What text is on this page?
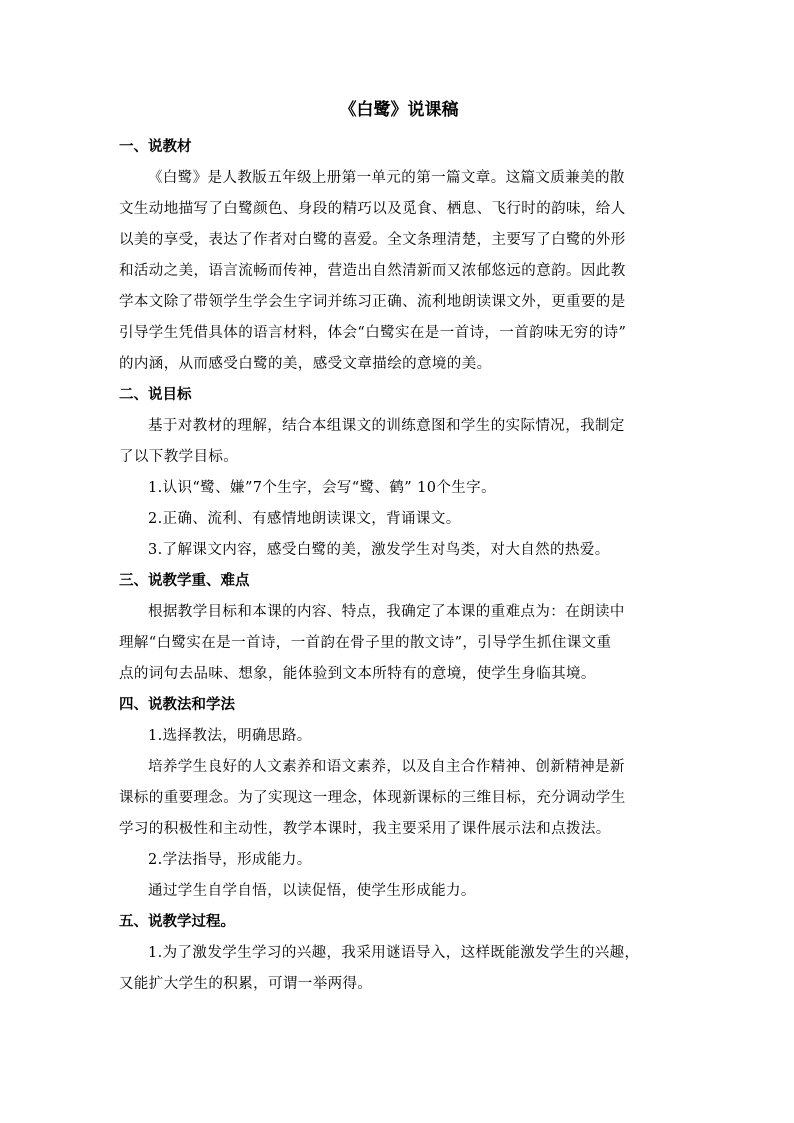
《白鹭》说课稿
一、说教材
《白鹭》是人教版五年级上册第一单元的第一篇文章。这篇文质兼美的散
文生动地描写了白鹭颜色、身段的精巧以及觅食、栖息、飞行时的韵味，给人
以美的享受，表达了作者对白鹭的喜爱。全文条理清楚，主要写了白鹭的外形
和活动之美，语言流畅而传神，营造出自然清新而又浓郁悠远的意韵。因此教
学本文除了带领学生学会生字词并练习正确、流利地朗读课文外，更重要的是
引导学生凭借具体的语言材料，体会“白鹭实在是一首诗，一首韵味无穷的诗”
的内涵，从而感受白鹭的美，感受文章描绘的意境的美。
二、说目标
基于对教材的理解，结合本组课文的训练意图和学生的实际情况，我制定
了以下教学目标。
1.认识“鹭、嫌”7个生字，会写“鹭、鹤” 10个生字。
2.正确、流利、有感情地朗读课文，背诵课文。
3.了解课文内容，感受白鹭的美，激发学生对鸟类，对大自然的热爱。
三、说教学重、难点
根据教学目标和本课的内容、特点，我确定了本课的重难点为：在朗读中
理解“白鹭实在是一首诗，一首韵在骨子里的散文诗”，引导学生抓住课文重
点的词句去品味、想象，能体验到文本所特有的意境，使学生身临其境。
四、说教法和学法
1.选择教法，明确思路。
培养学生良好的人文素养和语文素养，以及自主合作精神、创新精神是新
课标的重要理念。为了实现这一理念，体现新课标的三维目标，充分调动学生
学习的积极性和主动性，教学本课时，我主要采用了课件展示法和点拨法。
2.学法指导，形成能力。
通过学生自学自悟，以读促悟，使学生形成能力。
五、说教学过程。
1.为了激发学生学习的兴趣，我采用谜语导入，这样既能激发学生的兴趣，
又能扩大学生的积累，可谓一举两得。
